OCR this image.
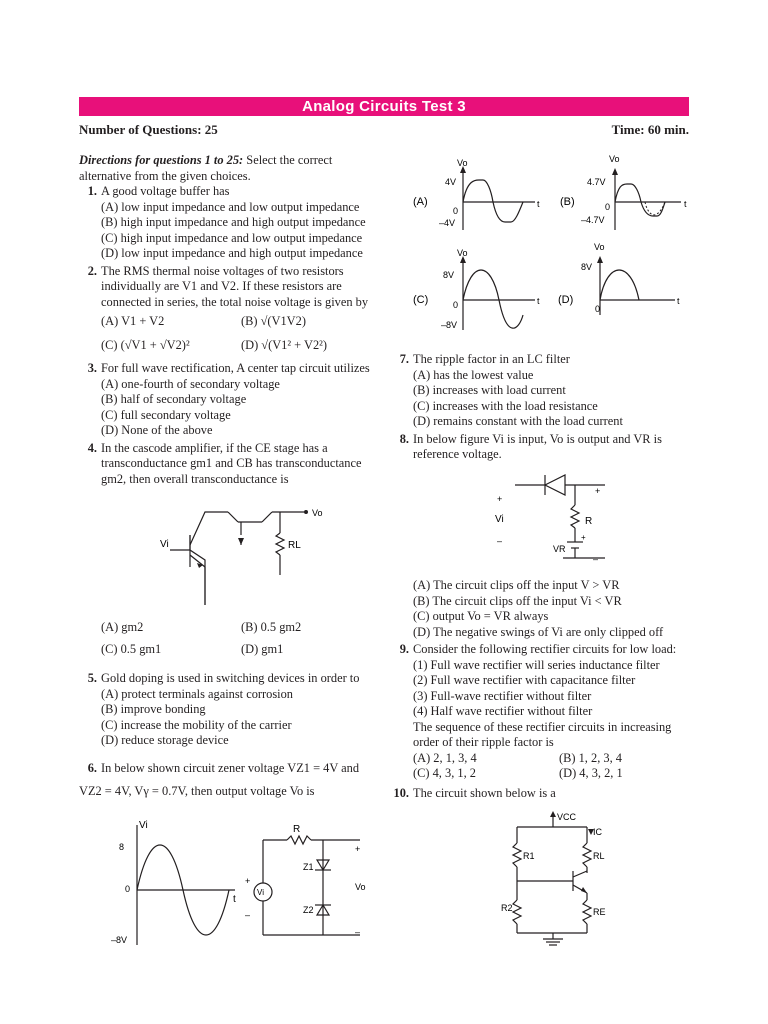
Analog Circuits Test 3
Number of Questions: 25	Time: 60 min.
Directions for questions 1 to 25: Select the correct alternative from the given choices.
1. A good voltage buffer has
(A) low input impedance and low output impedance
(B) high input impedance and high output impedance
(C) high input impedance and low output impedance
(D) low input impedance and high output impedance
2. The RMS thermal noise voltages of two resistors individually are V1 and V2. If these resistors are connected in series, the total noise voltage is given by
(A) V1 + V2	(B) √(V1V2)
(C) (√V1 + √V2)²	(D) √(V1² + V2²)
3. For full wave rectification, A center tap circuit utilizes
(A) one-fourth of secondary voltage
(B) half of secondary voltage
(C) full secondary voltage
(D) None of the above
4. In the cascode amplifier, if the CE stage has a transconductance gm1 and CB has transconductance gm2, then overall transconductance is
Vo
Vi	RL
(A) gm2	(B) 0.5 gm2
(C) 0.5 gm1	(D) gm1
5. Gold doping is used in switching devices in order to
(A) protect terminals against corrosion
(B) improve bonding
(C) increase the mobility of the carrier
(D) reduce storage device
6. In below shown circuit zener voltage VZ1 = 4V and
VZ2 = 4V, Vγ = 0.7V, then output voltage Vo is
Vi
8
0
–8V
t
R
Z1
Z2
Vi
+
–
+
Vo
–
(A)
Vo
4V
0
–4V
t (B)
Vo
4.7V
0
–4.7V
t
(C)
Vo
8V
0
–8V
t (D)
Vo
8V
0
t
7. The ripple factor in an LC filter
(A) has the lowest value
(B) increases with load current
(C) increases with the load resistance
(D) remains constant with the load current
8. In below figure Vi is input, Vo is output and VR is reference voltage.
+
Vi
–
+
R
+
VR
–
(A) The circuit clips off the input V > VR
(B) The circuit clips off the input Vi < VR
(C) output Vo = VR always
(D) The negative swings of Vi are only clipped off
9. Consider the following rectifier circuits for low load:
(1) Full wave rectifier will series inductance filter
(2) Full wave rectifier with capacitance filter
(3) Full-wave rectifier without filter
(4) Half wave rectifier without filter
The sequence of these rectifier circuits in increasing order of their ripple factor is
(A) 2, 1, 3, 4	(B) 1, 2, 3, 4
(C) 4, 3, 1, 2	(D) 4, 3, 2, 1
10. The circuit shown below is a
VCC
IC
R1	RL
R2	RE
